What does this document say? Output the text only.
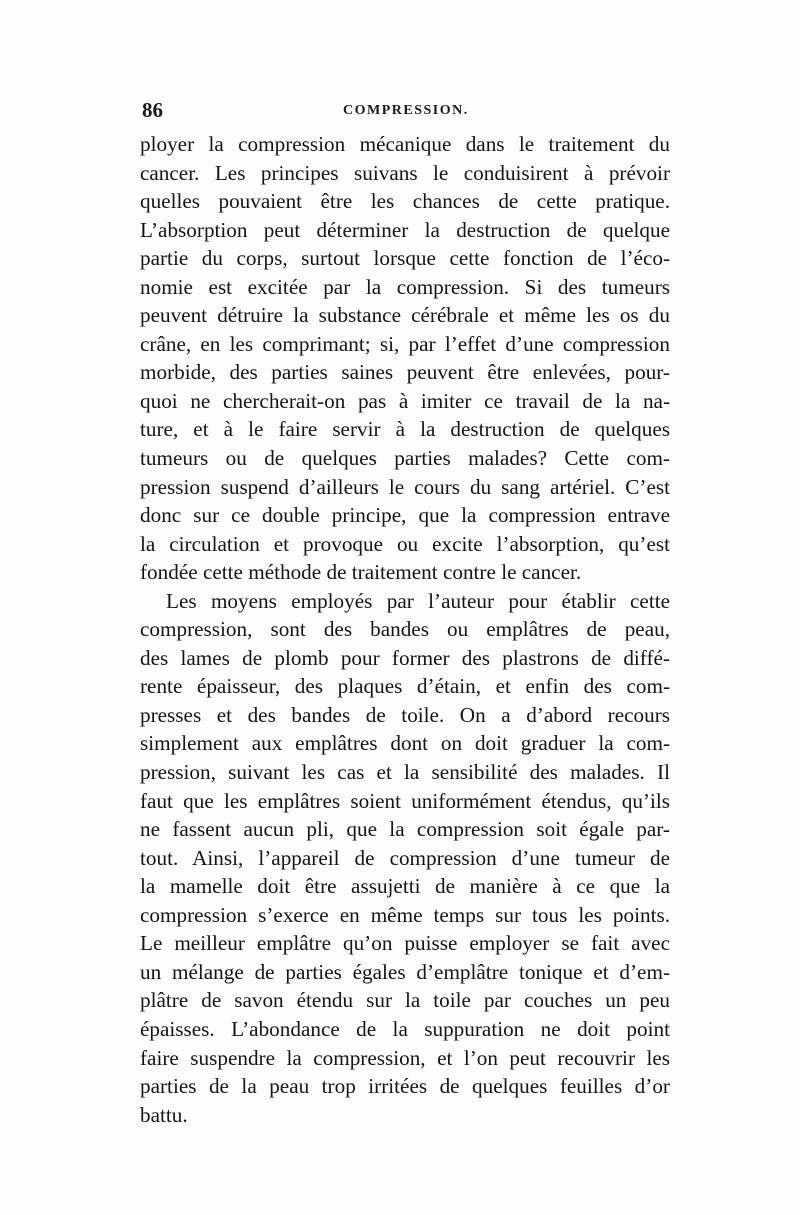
86	COMPRESSION.
ployer la compression mécanique dans le traitement du
cancer. Les principes suivans le conduisirent à prévoir
quelles pouvaient être les chances de cette pratique.
L’absorption peut déterminer la destruction de quelque
partie du corps, surtout lorsque cette fonction de l’éco-
nomie est excitée par la compression. Si des tumeurs
peuvent détruire la substance cérébrale et même les os du
crâne, en les comprimant; si, par l’effet d’une compression
morbide, des parties saines peuvent être enlevées, pour-
quoi ne chercherait-on pas à imiter ce travail de la na-
ture, et à le faire servir à la destruction de quelques
tumeurs ou de quelques parties malades? Cette com-
pression suspend d’ailleurs le cours du sang artériel. C’est
donc sur ce double principe, que la compression entrave
la circulation et provoque ou excite l’absorption, qu’est
fondée cette méthode de traitement contre le cancer.
Les moyens employés par l’auteur pour établir cette
compression, sont des bandes ou emplâtres de peau,
des lames de plomb pour former des plastrons de diffé-
rente épaisseur, des plaques d’étain, et enfin des com-
presses et des bandes de toile. On a d’abord recours
simplement aux emplâtres dont on doit graduer la com-
pression, suivant les cas et la sensibilité des malades. Il
faut que les emplâtres soient uniformément étendus, qu’ils
ne fassent aucun pli, que la compression soit égale par-
tout. Ainsi, l’appareil de compression d’une tumeur de
la mamelle doit être assujetti de manière à ce que la
compression s’exerce en même temps sur tous les points.
Le meilleur emplâtre qu’on puisse employer se fait avec
un mélange de parties égales d’emplâtre tonique et d’em-
plâtre de savon étendu sur la toile par couches un peu
épaisses. L’abondance de la suppuration ne doit point
faire suspendre la compression, et l’on peut recouvrir les
parties de la peau trop irritées de quelques feuilles d’or
battu.
